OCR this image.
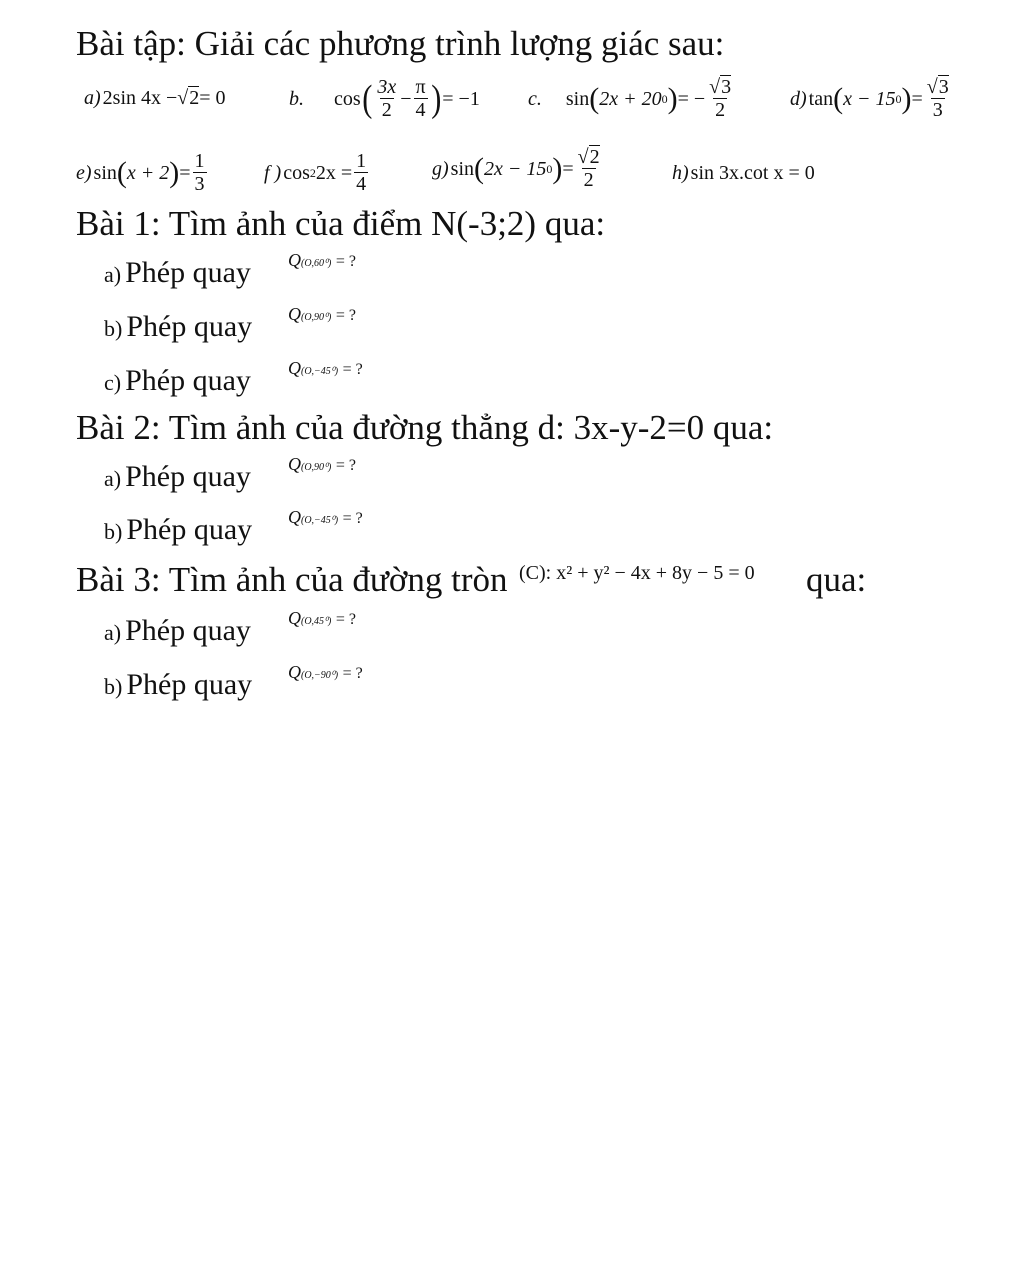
Bài tập: Giải các phương trình lượng giác sau:
a) 2sin 4x − √ 2 = 0	b. cos ( $\frac{3x}{2} - \frac{\pi}{4}$ ) = −1 c. sin ( 2x + 20 0 ) = − $\frac{√3}{2}$	d) tan ( x − 15 0 ) = $\frac{√3}{3}$
e) sin ( x + 2 ) = $\frac{1}{3}$	f ) cos 2 $2x = \frac{1}{4}$	g) sin ( 2x − 15 0 ) = $\frac{√2}{2}$	h) sin 3x.cot x = 0
Bài 1: Tìm ảnh của điểm N(-3;2) qua:
a) Phép quay Q(O,60⁰) = ?
b) Phép quay Q(O,90⁰) = ?
c) Phép quay Q(O,−45⁰) = ?
Bài 2: Tìm ảnh của đường thẳng d: 3x-y-2=0 qua:
a) Phép quay Q(O,90⁰) = ?
b) Phép quay Q(O,−45⁰) = ?
Bài 3: Tìm ảnh của đường tròn (C): x² + y² − 4x + 8y − 5 = 0 qua:
a) Phép quay Q(O,45⁰) = ?
b) Phép quay Q(O,−90⁰) = ?
